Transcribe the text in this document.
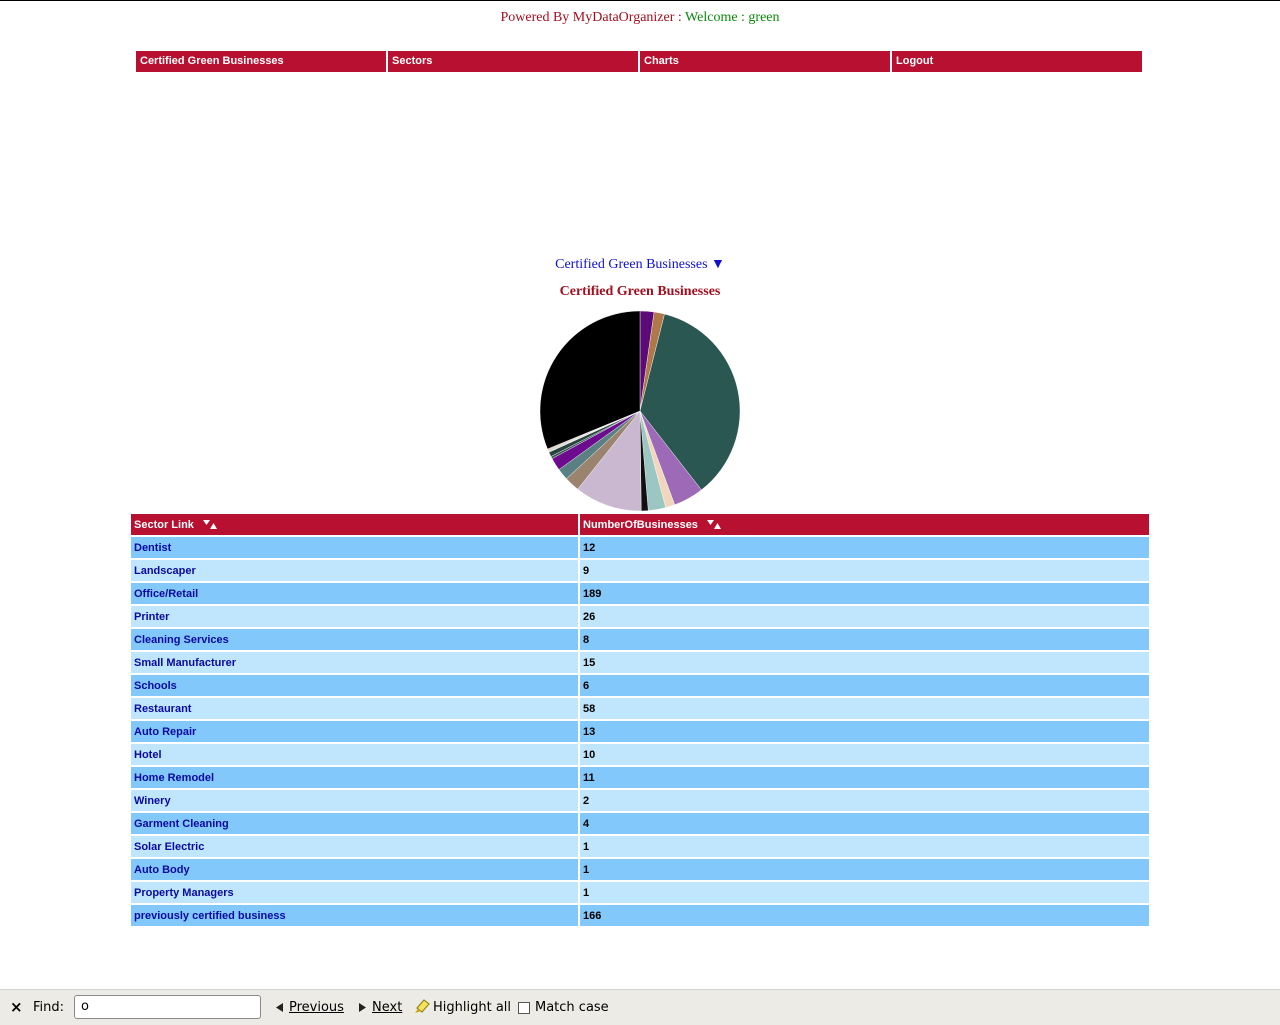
Powered By MyDataOrganizer : Welcome : green
Certified Green Businesses	Sectors	Charts	Logout
Certified Green Businesses ▼
Certified Green Businesses
Sector Link	NumberOfBusinesses
Dentist	12
Landscaper	9
Office/Retail	189
Printer	26
Cleaning Services	8
Small Manufacturer	15
Schools	6
Restaurant	58
Auto Repair	13
Hotel	10
Home Remodel	11
Winery	2
Garment Cleaning	4
Solar Electric	1
Auto Body	1
Property Managers	1
previously certified business	166
× Find:	o	Previous	Next	Highlight all Match case
